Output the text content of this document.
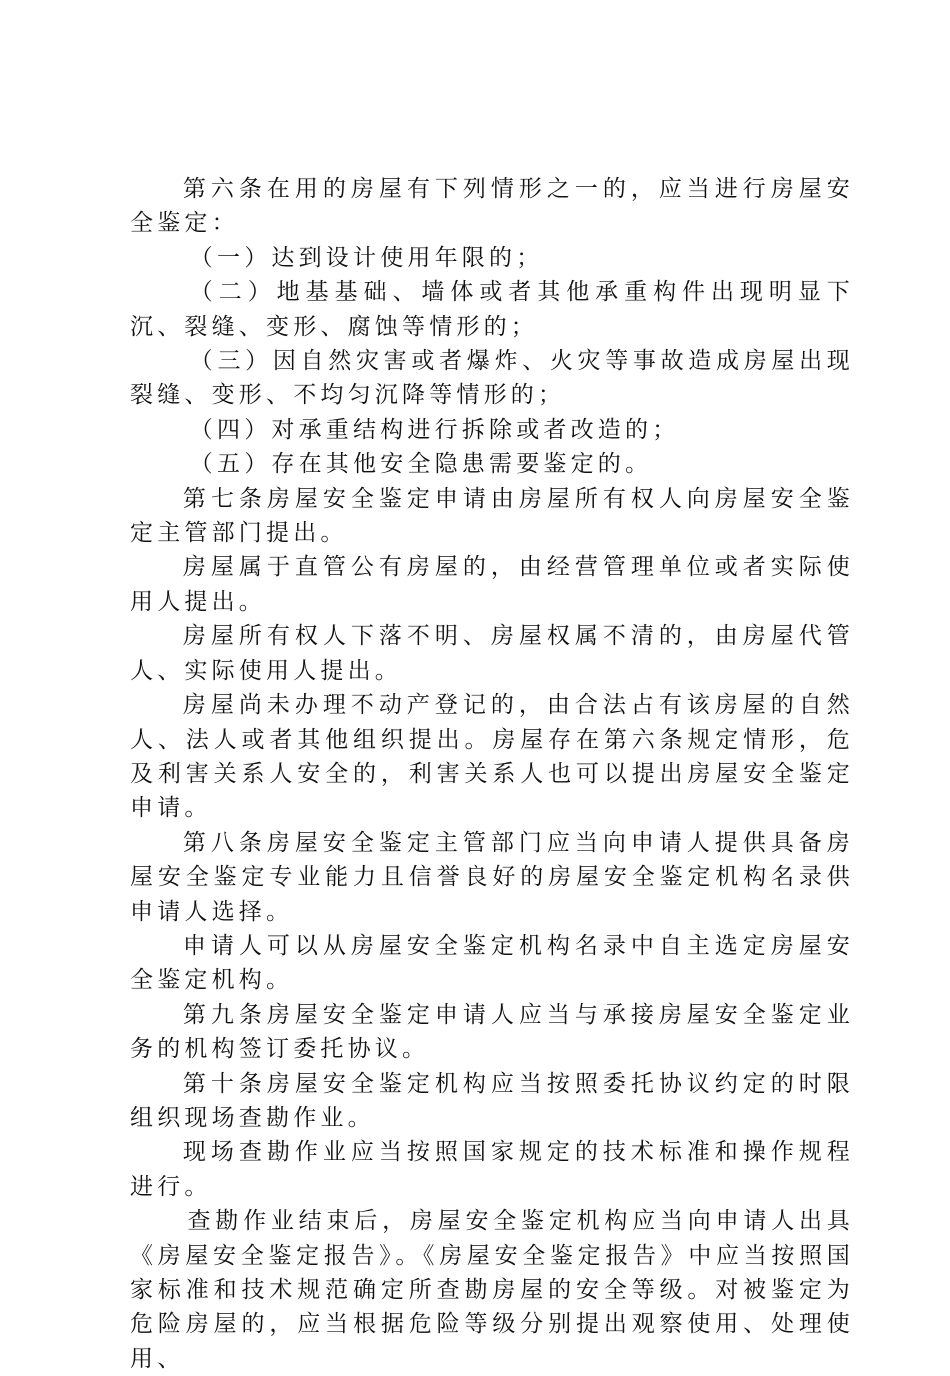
第六条在用的房屋有下列情形之一的，应当进行房屋安全鉴定：

（一）达到设计使用年限的；

（二）地基基础、墙体或者其他承重构件出现明显下沉、裂缝、变形、腐蚀等情形的；

（三）因自然灾害或者爆炸、火灾等事故造成房屋出现裂缝、变形、不均匀沉降等情形的；

（四）对承重结构进行拆除或者改造的；

（五）存在其他安全隐患需要鉴定的。

第七条房屋安全鉴定申请由房屋所有权人向房屋安全鉴定主管部门提出。

房屋属于直管公有房屋的，由经营管理单位或者实际使用人提出。

房屋所有权人下落不明、房屋权属不清的，由房屋代管人、实际使用人提出。

房屋尚未办理不动产登记的，由合法占有该房屋的自然人、法人或者其他组织提出。房屋存在第六条规定情形，危及利害关系人安全的，利害关系人也可以提出房屋安全鉴定申请。

第八条房屋安全鉴定主管部门应当向申请人提供具备房屋安全鉴定专业能力且信誉良好的房屋安全鉴定机构名录供申请人选择。

申请人可以从房屋安全鉴定机构名录中自主选定房屋安全鉴定机构。

第九条房屋安全鉴定申请人应当与承接房屋安全鉴定业务的机构签订委托协议。

第十条房屋安全鉴定机构应当按照委托协议约定的时限组织现场查勘作业。

现场查勘作业应当按照国家规定的技术标准和操作规程进行。

查勘作业结束后，房屋安全鉴定机构应当向申请人出具《房屋安全鉴定报告》。《房屋安全鉴定报告》中应当按照国家标准和技术规范确定所查勘房屋的安全等级。对被鉴定为危险房屋的，应当根据危险等级分别提出观察使用、处理使用、
